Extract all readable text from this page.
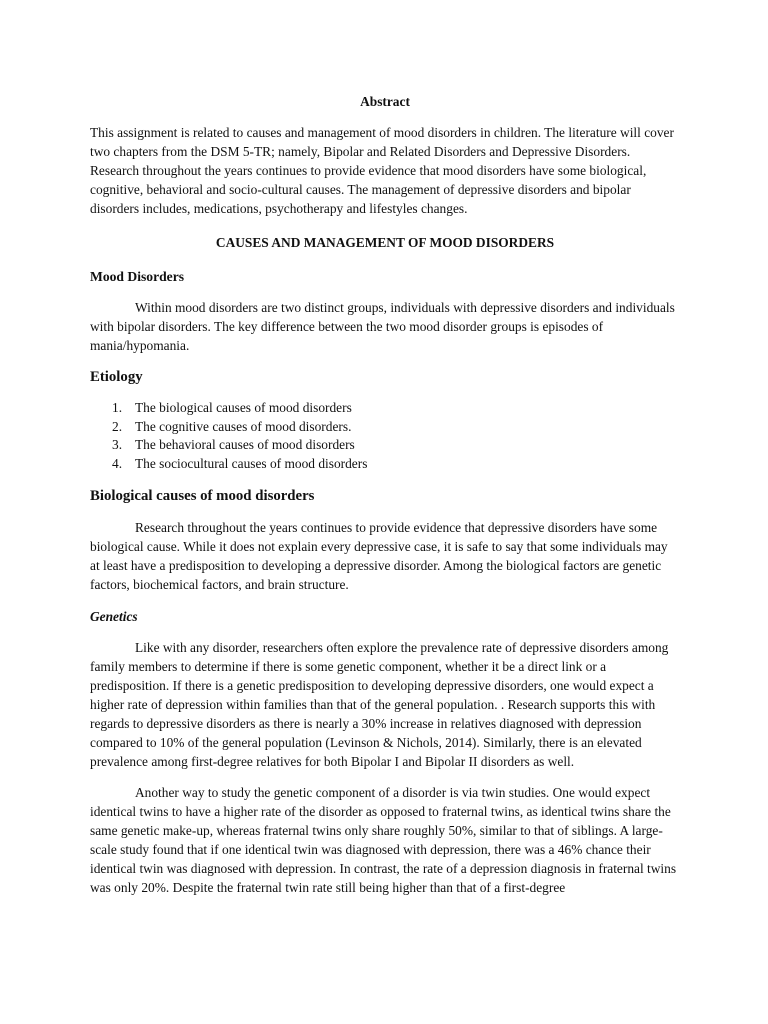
Abstract

This assignment is related to causes and management of mood disorders in children. The literature will cover two chapters from the DSM 5-TR; namely, Bipolar and Related Disorders and Depressive Disorders. Research throughout the years continues to provide evidence that mood disorders have some biological, cognitive, behavioral and socio-cultural causes. The management of depressive disorders and bipolar disorders includes, medications, psychotherapy and lifestyles changes.

CAUSES AND MANAGEMENT OF MOOD DISORDERS

Mood Disorders

Within mood disorders are two distinct groups, individuals with depressive disorders and individuals with bipolar disorders. The key difference between the two mood disorder groups is episodes of mania/hypomania.

Etiology

1. The biological causes of mood disorders
2. The cognitive causes of mood disorders.
3. The behavioral causes of mood disorders
4. The sociocultural causes of mood disorders

Biological causes of mood disorders

Research throughout the years continues to provide evidence that depressive disorders have some biological cause. While it does not explain every depressive case, it is safe to say that some individuals may at least have a predisposition to developing a depressive disorder. Among the biological factors are genetic factors, biochemical factors, and brain structure.

Genetics

Like with any disorder, researchers often explore the prevalence rate of depressive disorders among family members to determine if there is some genetic component, whether it be a direct link or a predisposition. If there is a genetic predisposition to developing depressive disorders, one would expect a higher rate of depression within families than that of the general population. . Research supports this with regards to depressive disorders as there is nearly a 30% increase in relatives diagnosed with depression compared to 10% of the general population (Levinson & Nichols, 2014). Similarly, there is an elevated prevalence among first-degree relatives for both Bipolar I and Bipolar II disorders as well.

Another way to study the genetic component of a disorder is via twin studies. One would expect identical twins to have a higher rate of the disorder as opposed to fraternal twins, as identical twins share the same genetic make-up, whereas fraternal twins only share roughly 50%, similar to that of siblings. A large-scale study found that if one identical twin was diagnosed with depression, there was a 46% chance their identical twin was diagnosed with depression. In contrast, the rate of a depression diagnosis in fraternal twins was only 20%. Despite the fraternal twin rate still being higher than that of a first-degree
